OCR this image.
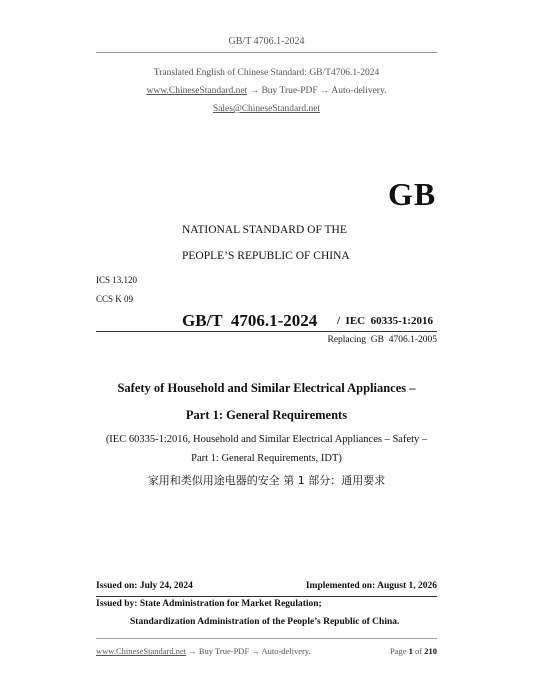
GB/T 4706.1-2024
Translated English of Chinese Standard: GB/T4706.1-2024
www.ChineseStandard.net → Buy True-PDF → Auto-delivery.
Sales@ChineseStandard.net
GB
NATIONAL STANDARD OF THE
PEOPLE’S REPUBLIC OF CHINA
ICS 13.120
CCS K 09
GB/T  4706.1-2024 /  IEC  60335-1:2016
Replacing  GB  4706.1-2005
Safety of Household and Similar Electrical Appliances –
Part 1: General Requirements
(IEC 60335-1:2016, Household and Similar Electrical Appliances – Safety –
Part 1: General Requirements, IDT)
家用和类似用途电器的安全 第 1 部分：通用要求
Issued on: July 24, 2024	Implemented on: August 1, 2026
Issued by: State Administration for Market Regulation;
Standardization Administration of the People’s Republic of China.
www.ChineseStandard.net → Buy True-PDF → Auto-delivery.	Page 1 of 210
